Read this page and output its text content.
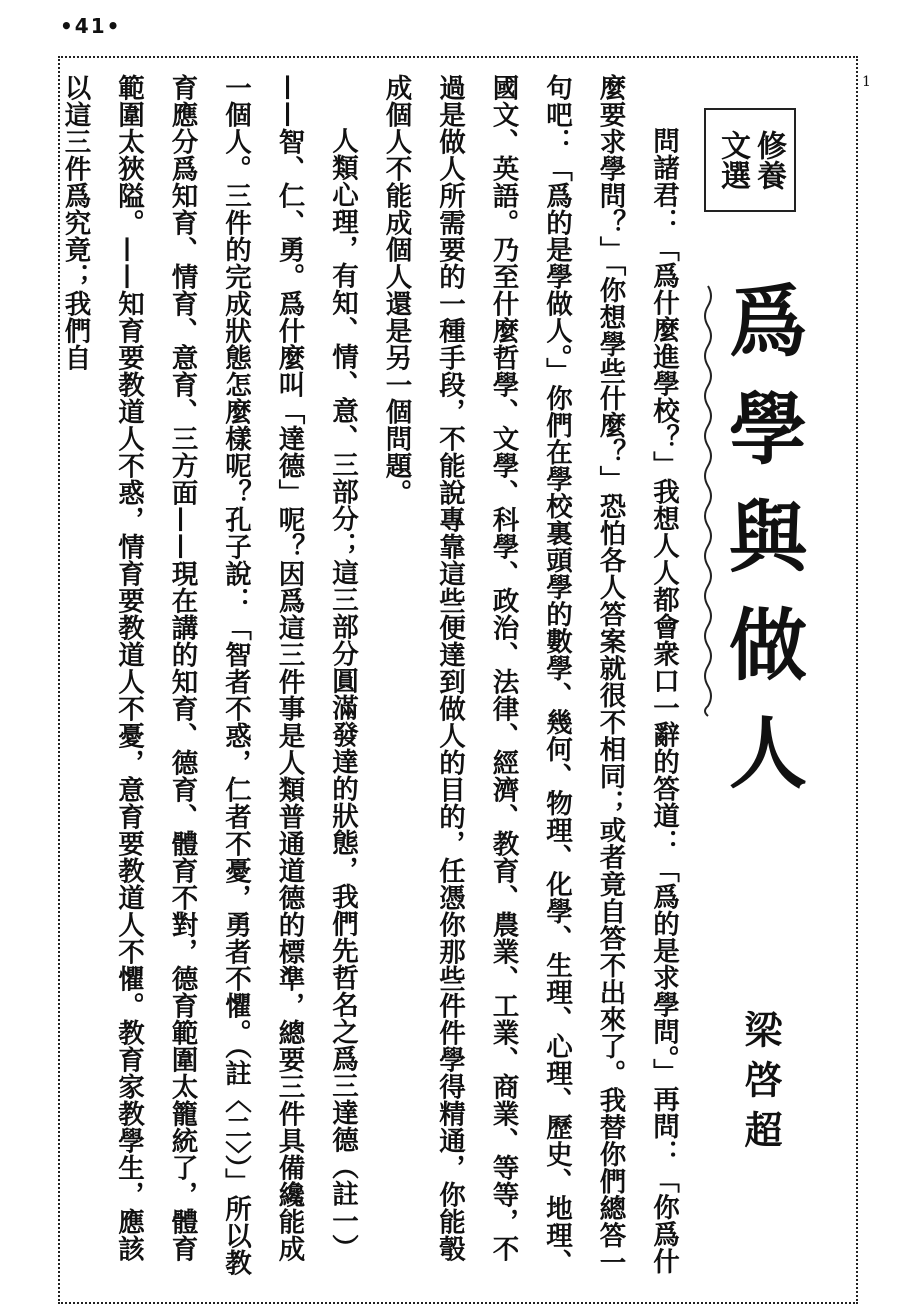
•41•
1
修養
文選
爲學與做人
梁啓超

問諸君：「爲什麼進學校？」我想人人都會衆口一辭的答道：「爲的是求學問。」再問：「你爲什麼要求學問？」「你想學些什麼？」恐怕各人答案就很不相同；或者竟自答不出來了。我替你們總答一句吧：「爲的是學做人。」你們在學校裏頭學的數學、幾何、物理、化學、生理、心理、歷史、地理、國文、英語。乃至什麼哲學、文學、科學、政治、法律、經濟、教育、農業、工業、商業、等等，不過是做人所需要的一種手段，不能說專靠這些便達到做人的目的，任憑你那些件件學得精通，你能彀成個人不能成個人還是另一個問題。

人類心理，有知、情、意、三部分；這三部分圓滿發達的狀態，我們先哲名之爲三達德（註一）——智、仁、勇。爲什麼叫「達德」呢？因爲這三件事是人類普通道德的標準，總要三件具備纔能成一個人。三件的完成狀態怎麼樣呢？孔子說：「智者不惑，仁者不憂，勇者不懼。（註〈二〉）」所以教育應分爲知育、情育、意育、三方面——現在講的知育、德育、體育不對，德育範圍太籠統了，體育範圍太狹隘。——知育要教道人不惑，情育要教道人不憂，意育要教道人不懼。教育家教學生，應該以這三件爲究竟；我們自
